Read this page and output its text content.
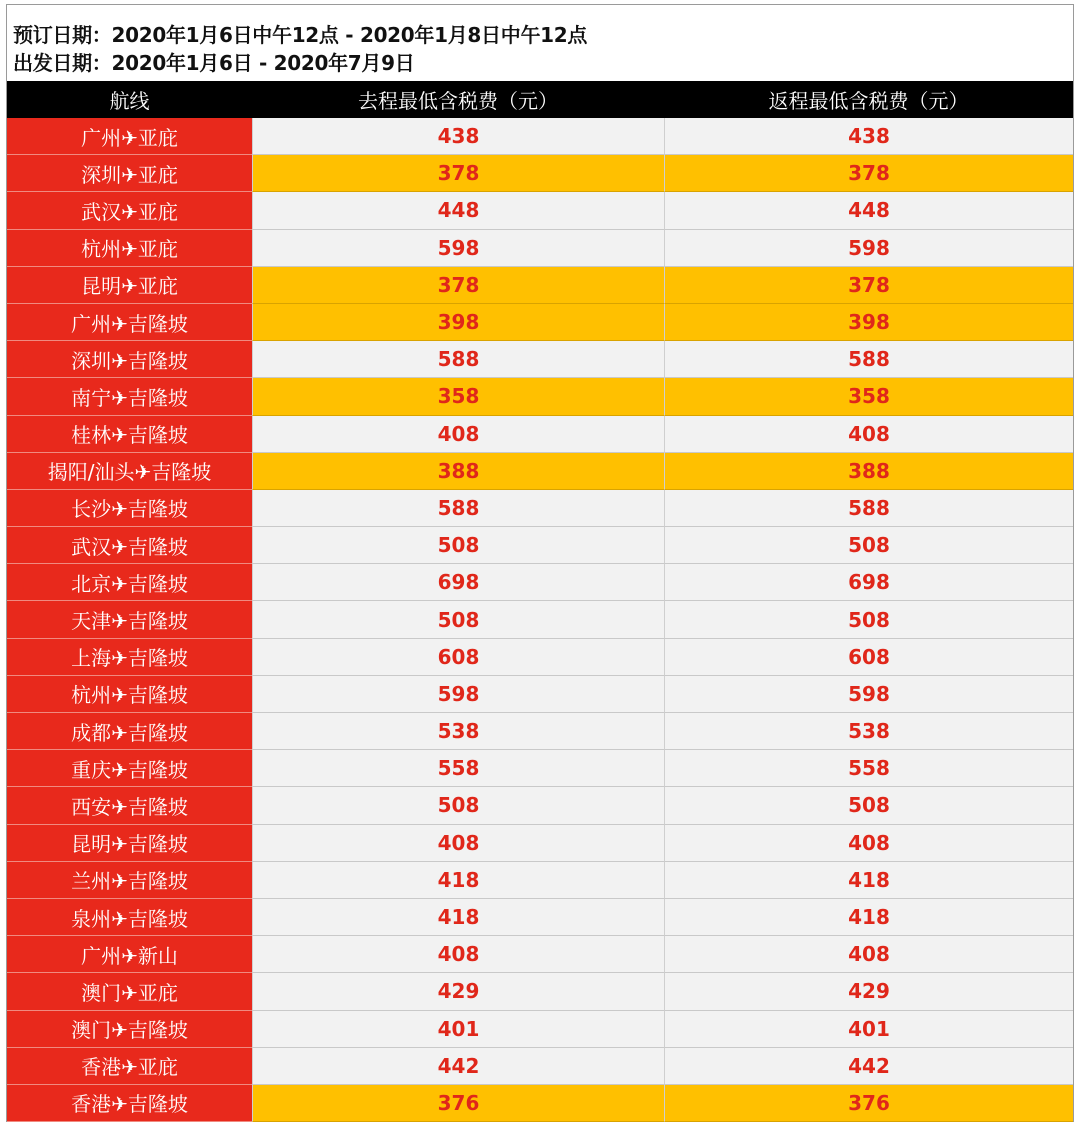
预订日期：2020年1月6日中午12点 - 2020年1月8日中午12点
出发日期：2020年1月6日 - 2020年7月9日
航线	去程最低含税费（元）	返程最低含税费（元）
广州✈亚庇	438	438
深圳✈亚庇	378	378
武汉✈亚庇	448	448
杭州✈亚庇	598	598
昆明✈亚庇	378	378
广州✈吉隆坡	398	398
深圳✈吉隆坡	588	588
南宁✈吉隆坡	358	358
桂林✈吉隆坡	408	408
揭阳/汕头✈吉隆坡	388	388
长沙✈吉隆坡	588	588
武汉✈吉隆坡	508	508
北京✈吉隆坡	698	698
天津✈吉隆坡	508	508
上海✈吉隆坡	608	608
杭州✈吉隆坡	598	598
成都✈吉隆坡	538	538
重庆✈吉隆坡	558	558
西安✈吉隆坡	508	508
昆明✈吉隆坡	408	408
兰州✈吉隆坡	418	418
泉州✈吉隆坡	418	418
广州✈新山	408	408
澳门✈亚庇	429	429
澳门✈吉隆坡	401	401
香港✈亚庇	442	442
香港✈吉隆坡	376	376
